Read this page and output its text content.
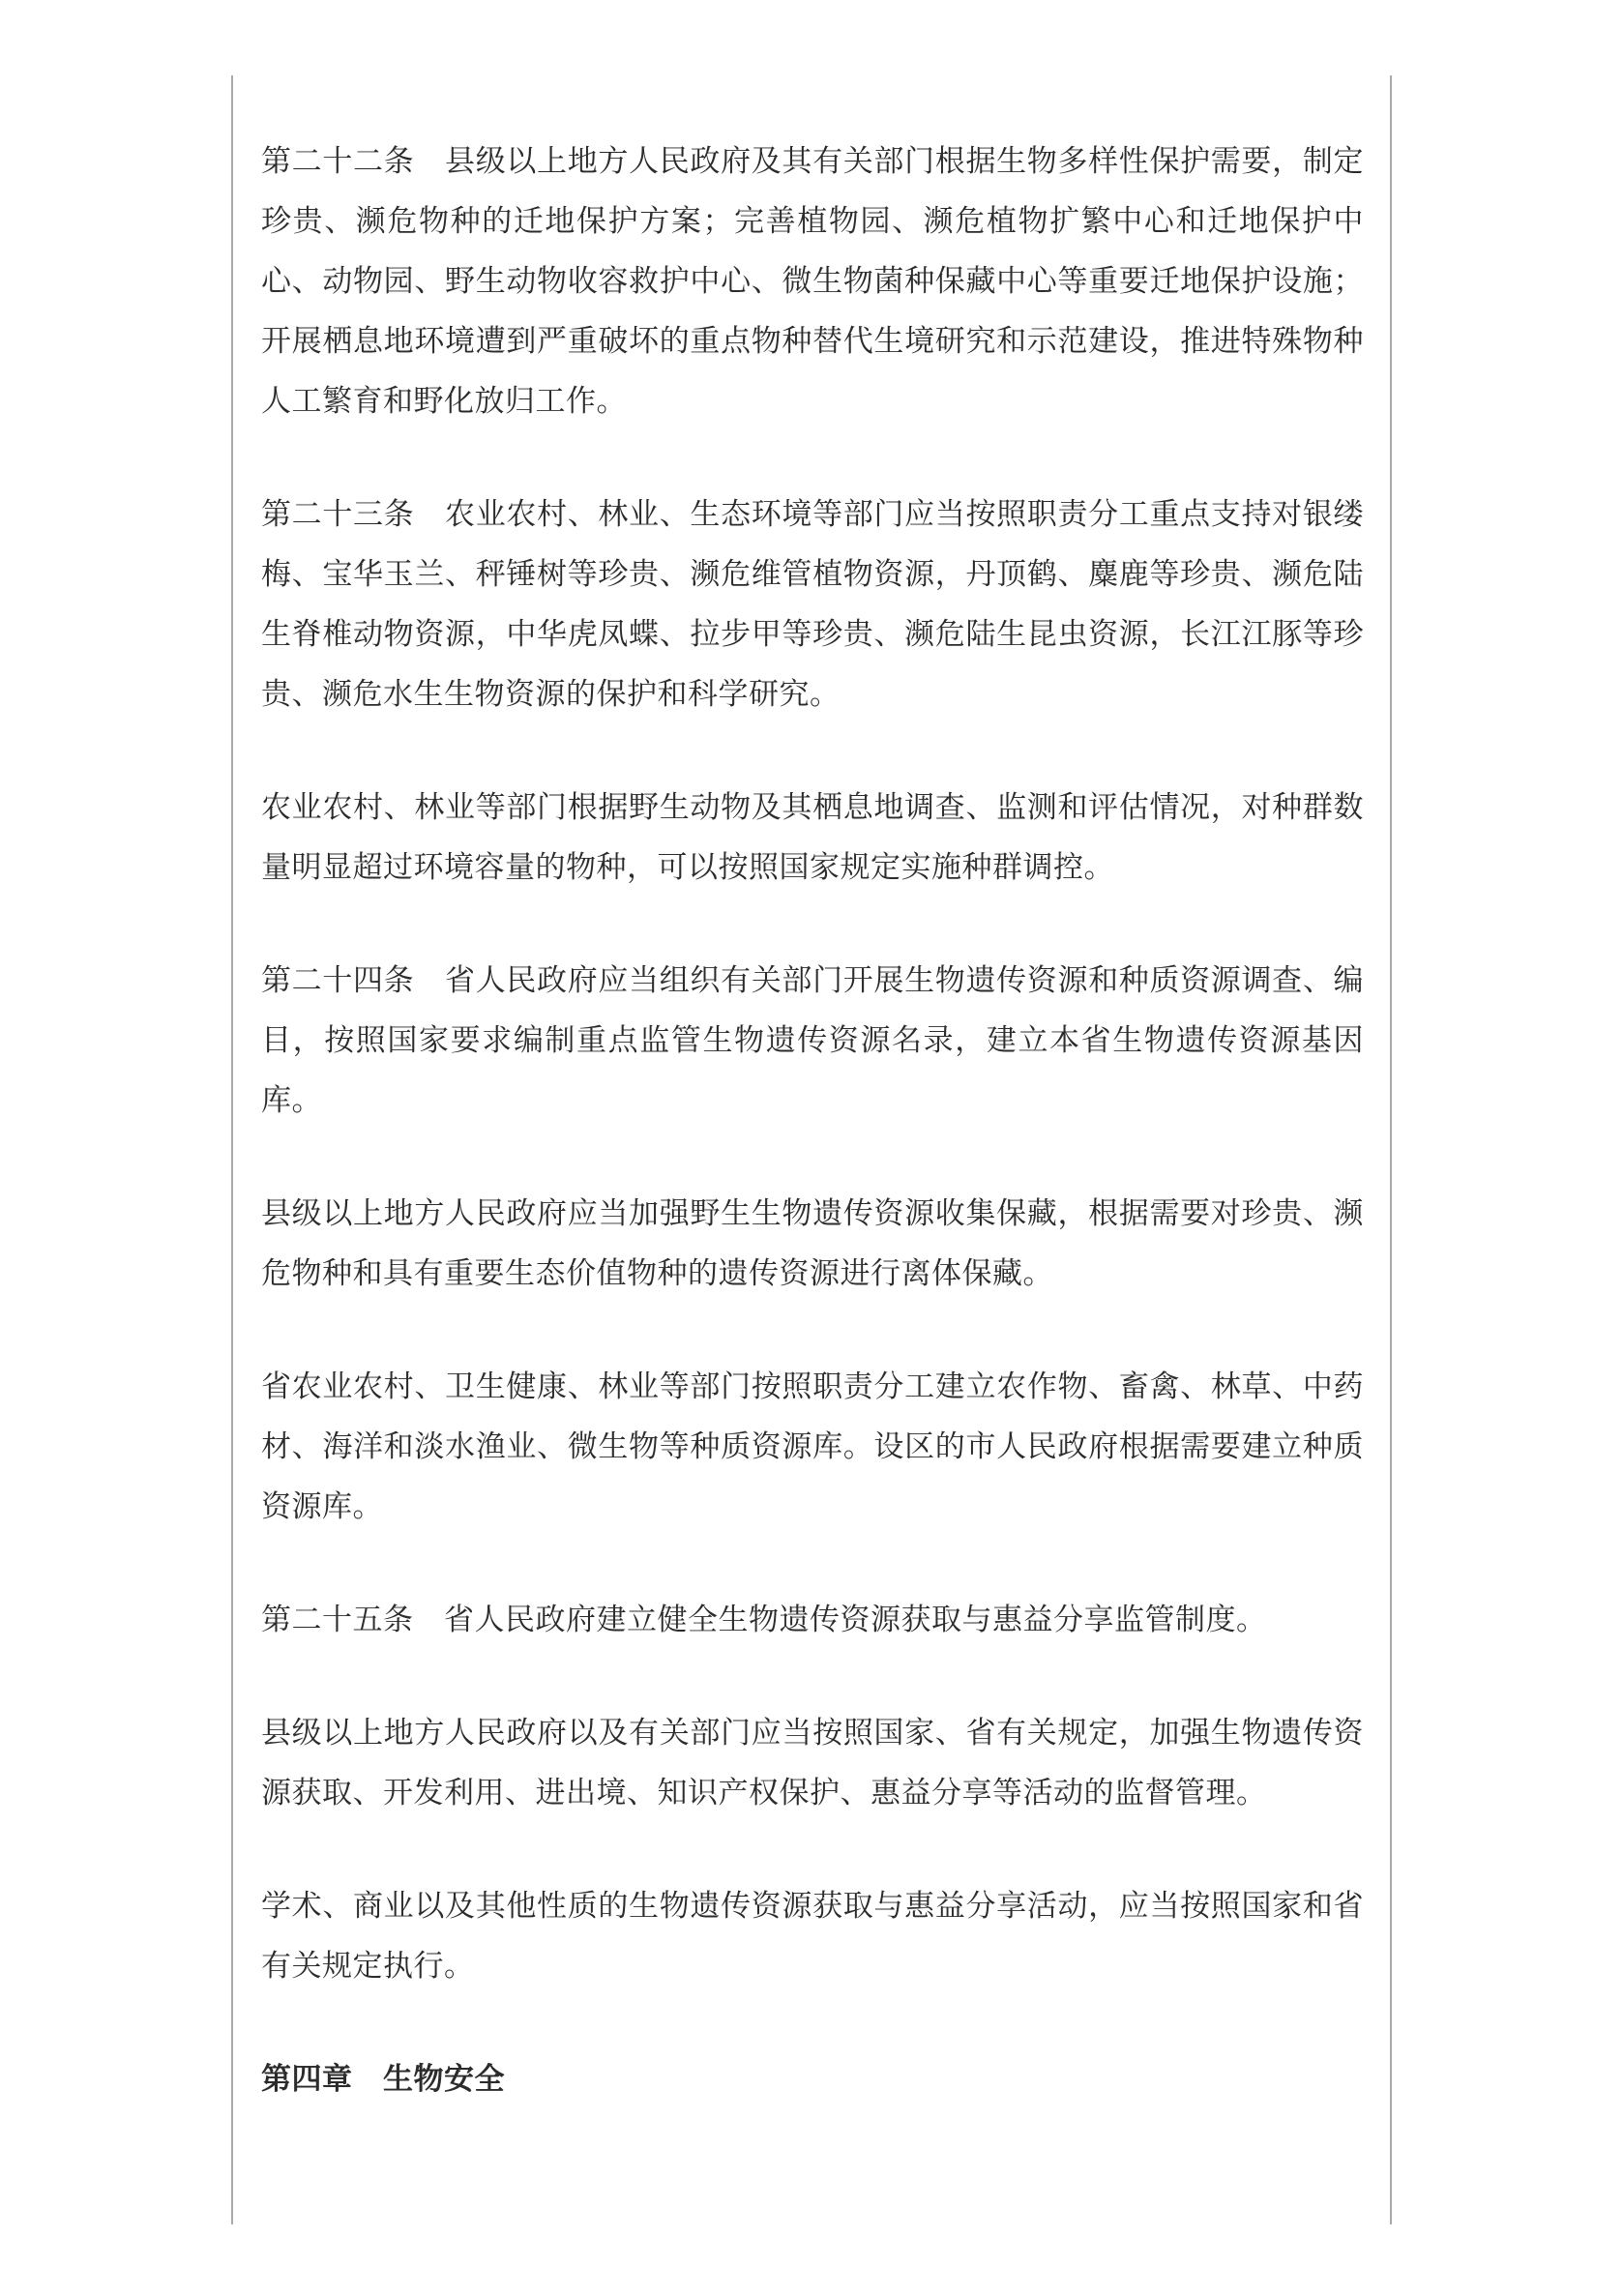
第二十二条　县级以上地方人民政府及其有关部门根据生物多样性保护需要，制定珍贵、濒危物种的迁地保护方案；完善植物园、濒危植物扩繁中心和迁地保护中心、动物园、野生动物收容救护中心、微生物菌种保藏中心等重要迁地保护设施；开展栖息地环境遭到严重破坏的重点物种替代生境研究和示范建设，推进特殊物种人工繁育和野化放归工作。

第二十三条　农业农村、林业、生态环境等部门应当按照职责分工重点支持对银缕梅、宝华玉兰、秤锤树等珍贵、濒危维管植物资源，丹顶鹤、麋鹿等珍贵、濒危陆生脊椎动物资源，中华虎凤蝶、拉步甲等珍贵、濒危陆生昆虫资源，长江江豚等珍贵、濒危水生生物资源的保护和科学研究。

农业农村、林业等部门根据野生动物及其栖息地调查、监测和评估情况，对种群数量明显超过环境容量的物种，可以按照国家规定实施种群调控。

第二十四条　省人民政府应当组织有关部门开展生物遗传资源和种质资源调查、编目，按照国家要求编制重点监管生物遗传资源名录，建立本省生物遗传资源基因库。

县级以上地方人民政府应当加强野生生物遗传资源收集保藏，根据需要对珍贵、濒危物种和具有重要生态价值物种的遗传资源进行离体保藏。

省农业农村、卫生健康、林业等部门按照职责分工建立农作物、畜禽、林草、中药材、海洋和淡水渔业、微生物等种质资源库。设区的市人民政府根据需要建立种质资源库。

第二十五条　省人民政府建立健全生物遗传资源获取与惠益分享监管制度。

县级以上地方人民政府以及有关部门应当按照国家、省有关规定，加强生物遗传资源获取、开发利用、进出境、知识产权保护、惠益分享等活动的监督管理。

学术、商业以及其他性质的生物遗传资源获取与惠益分享活动，应当按照国家和省有关规定执行。

第四章　生物安全
